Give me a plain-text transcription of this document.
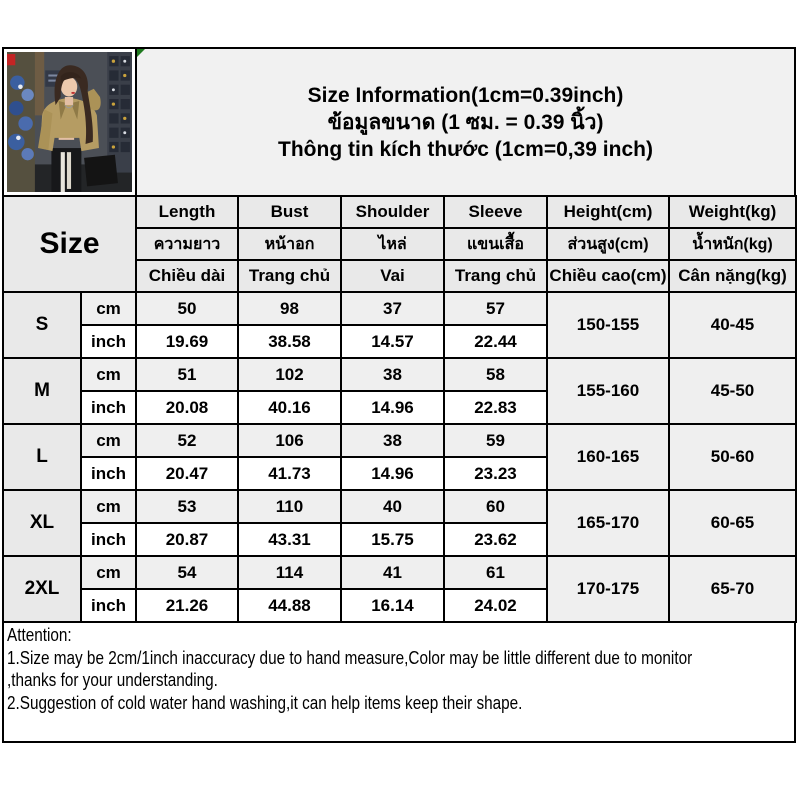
Size Information(1cm=0.39inch)
ข้อมูลขนาด (1 ซม. = 0.39 นิ้ว)
Thông tin kích thước (1cm=0,39 inch)
Size		Length	Bust	Shoulder	Sleeve	Height(cm)	Weight(kg)
		ความยาว	หน้าอก	ไหล่	แขนเสื้อ	ส่วนสูง(cm)	น้ำหนัก(kg)
		Chiều dài	Trang chủ	Vai	Trang chủ	Chiều cao(cm)	Cân nặng(kg)
S	cm	50	98	37	57	150-155	40-45
	inch	19.69	38.58	14.57	22.44		
M	cm	51	102	38	58	155-160	45-50
	inch	20.08	40.16	14.96	22.83		
L	cm	52	106	38	59	160-165	50-60
	inch	20.47	41.73	14.96	23.23		
XL	cm	53	110	40	60	165-170	60-65
	inch	20.87	43.31	15.75	23.62		
2XL	cm	54	114	41	61	170-175	65-70
	inch	21.26	44.88	16.14	24.02		
Attention:
1.Size may be 2cm/1inch inaccuracy due to hand measure,Color may be little different due to monitor
,thanks for your understanding.
2.Suggestion of cold water hand washing,it can help items keep their shape.
